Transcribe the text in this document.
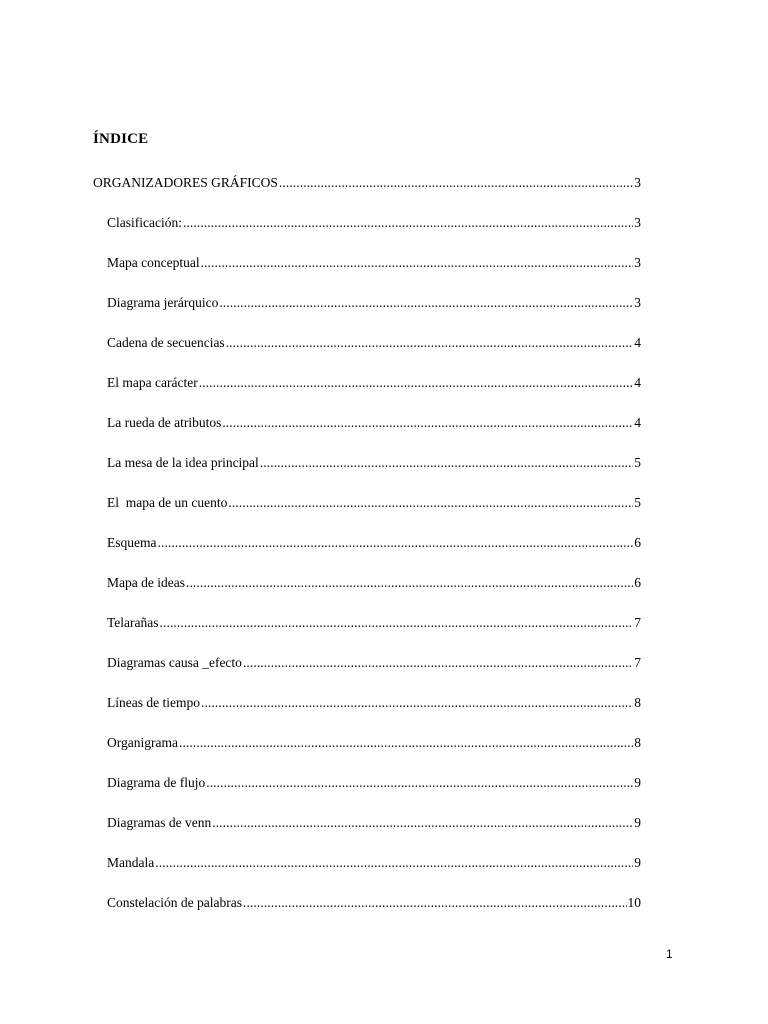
ÍNDICE
ORGANIZADORES GRÁFICOS .....	3
Clasificación: .....	3
Mapa conceptual .....	3
Diagrama jerárquico .....	3
Cadena de secuencias .....	4
El mapa carácter .....	4
La rueda de atributos .....	4
La mesa de la idea principal .....	5
El  mapa de un cuento .....	5
Esquema .....	6
Mapa de ideas .....	6
Telarañas .....	7
Diagramas causa _efecto .....	7
Líneas de tiempo .....	8
Organigrama .....	8
Diagrama de flujo .....	9
Diagramas de venn .....	9
Mandala .....	9
Constelación de palabras .....	10
1
